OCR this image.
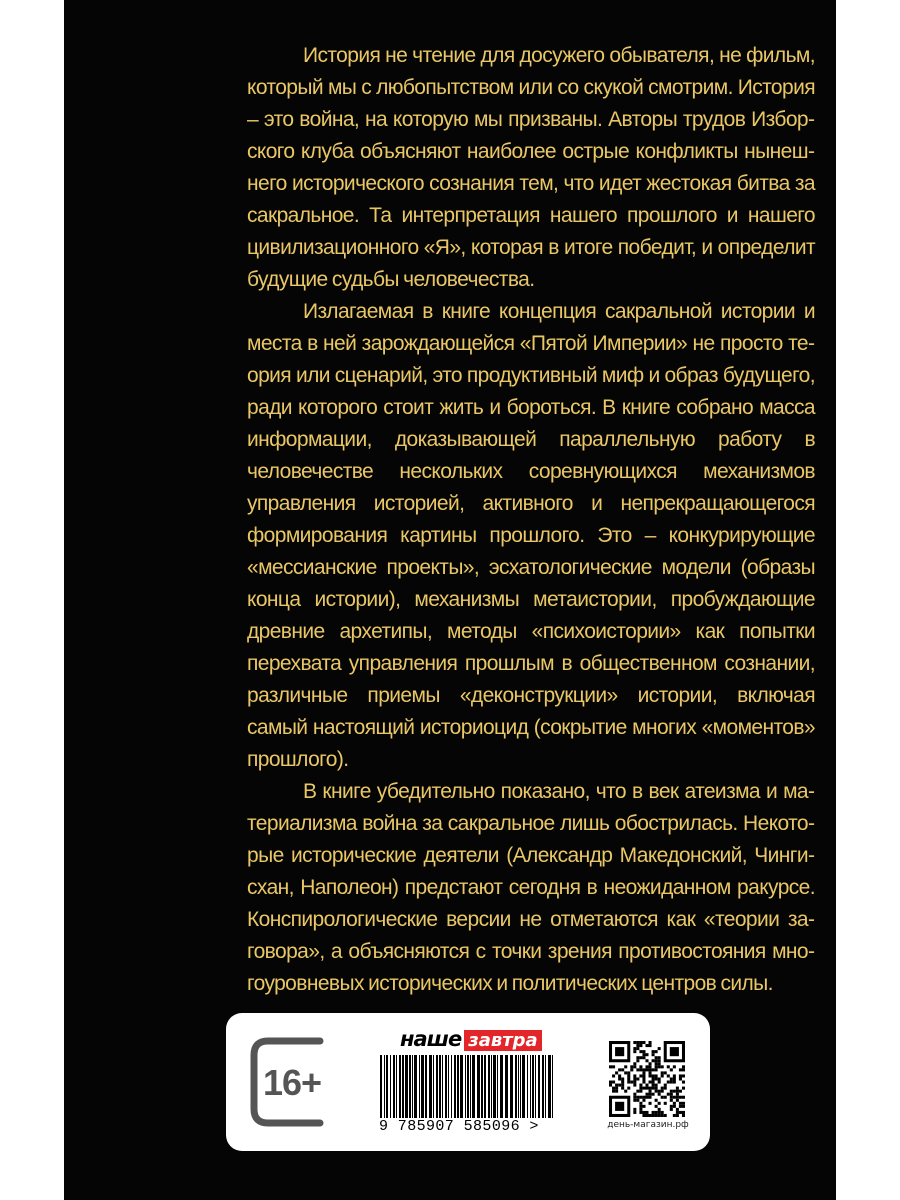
История не чтение для досужего обывателя, не фильм, который мы с любопытством или со скукой смотрим. История – это война, на которую мы призваны. Авторы трудов Изборского клуба объясняют наиболее острые конфликты нынешнего исторического сознания тем, что идет жестокая битва за сакральное. Та интерпретация нашего прошлого и нашего цивилизационного «Я», которая в итоге победит, и определит будущие судьбы человечества.

Излагаемая в книге концепция сакральной истории и места в ней зарождающейся «Пятой Империи» не просто теория или сценарий, это продуктивный миф и образ будущего, ради которого стоит жить и бороться. В книге собрано масса информации, доказывающей параллельную работу в человечестве нескольких соревнующихся механизмов управления историей, активного и непрекращающегося формирования картины прошлого. Это – конкурирующие «мессианские проекты», эсхатологические модели (образы конца истории), механизмы метаистории, пробуждающие древние архетипы, методы «психоистории» как попытки перехвата управления прошлым в общественном сознании, различные приемы «деконструкции» истории, включая самый настоящий историоцид (сокрытие многих «моментов» прошлого).

В книге убедительно показано, что в век атеизма и материализма война за сакральное лишь обострилась. Некоторые исторические деятели (Александр Македонский, Чингисхан, Наполеон) предстают сегодня в неожиданном ракурсе. Конспирологические версии не отметаются как «теории заговора», а объясняются с точки зрения противостояния многоуровневых исторических и политических центров силы.

16+
наше завтра
9 785907 585096 >	день-магазин.рф
